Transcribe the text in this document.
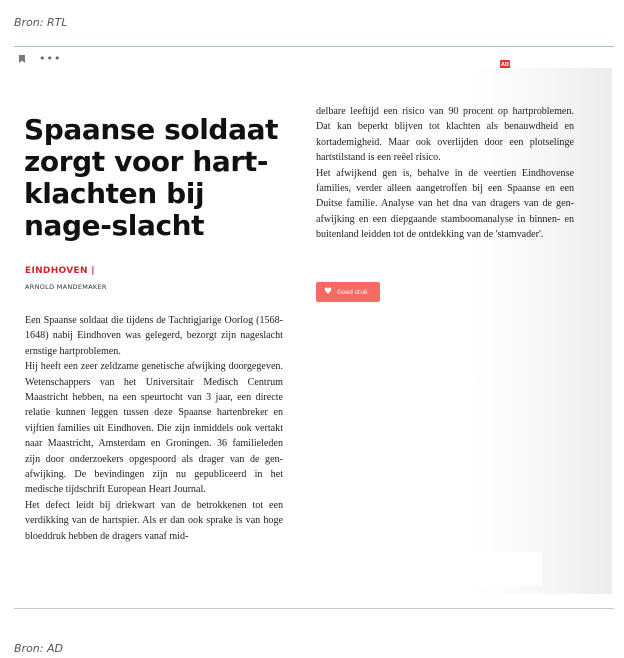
Bron: RTL
•••	AD
Spaanse soldaat zorgt voor hart-klachten bij nage-slacht
EINDHOVEN |
ARNOLD MANDEMAKER

Een Spaanse soldaat die tijdens de Tachtigjarige Oorlog (1568-1648) nabij Eindhoven was gelegerd, bezorgt zijn nageslacht ernstige hartproblemen.

Hij heeft een zeer zeldzame genetische afwijking doorgegeven. Wetenschappers van het Universitair Medisch Centrum Maastricht hebben, na een speurtocht van 3 jaar, een directe relatie kunnen leggen tussen deze Spaanse hartenbreker en vijftien families uit Eindhoven. Die zijn inmiddels ook vertakt naar Maastricht, Amsterdam en Groningen. 36 familieleden zijn door onderzoekers opgespoord als drager van de gen-afwijking. De bevindingen zijn nu gepubliceerd in het medische tijdschrift European Heart Journal.

Het defect leidt bij driekwart van de betrokkenen tot een verdikking van de hartspier. Als er dan ook sprake is van hoge bloeddruk hebben de dragers vanaf mid-

delbare leeftijd een risico van 90 procent op hartproblemen. Dat kan beperkt blijven tot klachten als benauwdheid en kortademigheid. Maar ook overlijden door een plotselinge hartstilstand is een reëel risico.

Het afwijkend gen is, behalve in de veertien Eindhovense families, verder alleen aangetroffen bij een Spaanse en een Duitse familie. Analyse van het dna van dragers van de gen-afwijking en een diepgaande stamboomanalyse in binnen- en buitenland leidden tot de ontdekking van de 'stamvader'.

♥ Goed stuk
Bron: AD
